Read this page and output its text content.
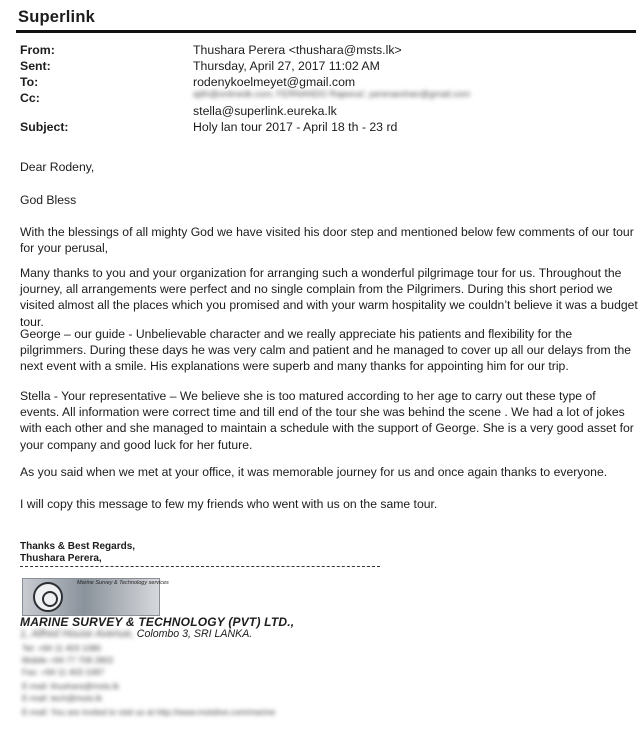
Superlink
From:	Thushara Perera <thushara@msts.lk>
Sent:	Thursday, April 27, 2017 11:02 AM
To:	rodenykoelmeyet@gmail.com
Cc:	ajith@onlinedk.com; FERNANDO Rajeeva'; pereraeshan@gmail.com
stella@superlink.eureka.lk
Subject:	Holy lan tour 2017 - April 18 th - 23 rd

Dear Rodeny,

God Bless

With the blessings of all mighty God we have visited his door step and mentioned below few comments of our tour for your perusal,

Many thanks to you and your organization for arranging such a wonderful pilgrimage tour for us. Throughout the journey, all arrangements were perfect and no single complain from the Pilgrimers. During this short period we visited almost all the places which you promised and with your warm hospitality we couldn’t believe it was a budget tour.

George – our guide - Unbelievable character and we really appreciate his patients and flexibility for the pilgrimmers. During these days he was very calm and patient and he managed to cover up all our delays from the next event with a smile. His explanations were superb and many thanks for appointing him for our trip.

Stella - Your representative – We believe she is too matured according to her age to carry out these type of events. All information were correct time and till end of the tour she was behind the scene . We had a lot of jokes with each other and she managed to maintain a schedule with the support of George. She is a very good asset for your company and good luck for her future.

As you said when we met at your office, it was memorable journey for us and once again thanks to everyone.

I will copy this message to few my friends who went with us on the same tour.

Thanks & Best Regards,
Thushara Perera,
Marine Survey & Technology services
MARINE SURVEY & TECHNOLOGY (PVT) LTD.,
1, Alfred House Avenue, Colombo 3, SRI LANKA.
Tel: +94 11 403 1080
Mobile +94 77 708 2802
Fax: +94 11 403 1087
E-mail: thushara@msts.lk
E-mail: tech@msts.lk
E-mail: You are invited to visit us at http://www.mstslive.com/marine
